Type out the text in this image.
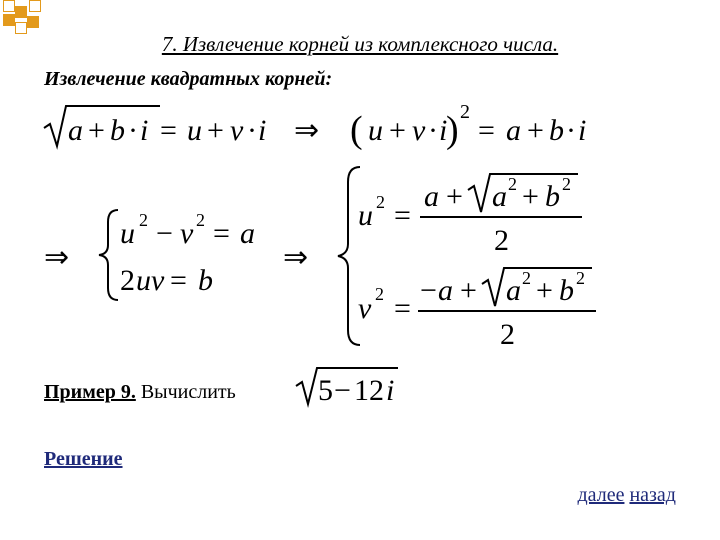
7. Извлечение корней из комплексного числа.
Извлечение квадратных корней:
a + b · i = u + v · i ⇒ ( u + v · i
) 2
= a + b · i
⇒
u 2 − v 2 = a
2 uv = b
⇒
u 2 =
a + a 2 + b 2
2
v 2 =
− a + a 2 + b 2
2
5 − 12 i
Пример 9. Вычислить
Решение
далее назад
